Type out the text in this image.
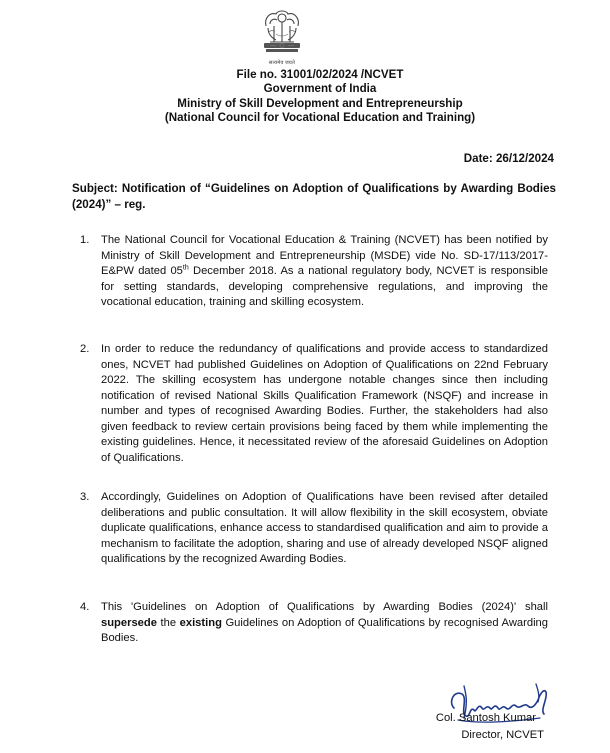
सत्यमेव जयते
File no. 31001/02/2024 /NCVET
Government of India
Ministry of Skill Development and Entrepreneurship
(National Council for Vocational Education and Training)
Date: 26/12/2024
Subject: Notification of “Guidelines on Adoption of Qualifications by Awarding Bodies (2024)” – reg.
1.	The National Council for Vocational Education & Training (NCVET) has been notified by Ministry of Skill Development and Entrepreneurship (MSDE) vide No. SD-17/113/2017-E&PW dated 05th December 2018. As a national regulatory body, NCVET is responsible for setting standards, developing comprehensive regulations, and improving the vocational education, training and skilling ecosystem.
2.	In order to reduce the redundancy of qualifications and provide access to standardized ones, NCVET had published Guidelines on Adoption of Qualifications on 22nd February 2022. The skilling ecosystem has undergone notable changes since then including notification of revised National Skills Qualification Framework (NSQF) and increase in number and types of recognised Awarding Bodies. Further, the stakeholders had also given feedback to review certain provisions being faced by them while implementing the existing guidelines. Hence, it necessitated review of the aforesaid Guidelines on Adoption of Qualifications.
3.	Accordingly, Guidelines on Adoption of Qualifications have been revised after detailed deliberations and public consultation. It will allow flexibility in the skill ecosystem, obviate duplicate qualifications, enhance access to standardised qualification and aim to provide a mechanism to facilitate the adoption, sharing and use of already developed NSQF aligned qualifications by the recognized Awarding Bodies.
4.	This 'Guidelines on Adoption of Qualifications by Awarding Bodies (2024)' shall supersede the existing Guidelines on Adoption of Qualifications by recognised Awarding Bodies.
Col. Santosh Kumar
Director, NCVET
